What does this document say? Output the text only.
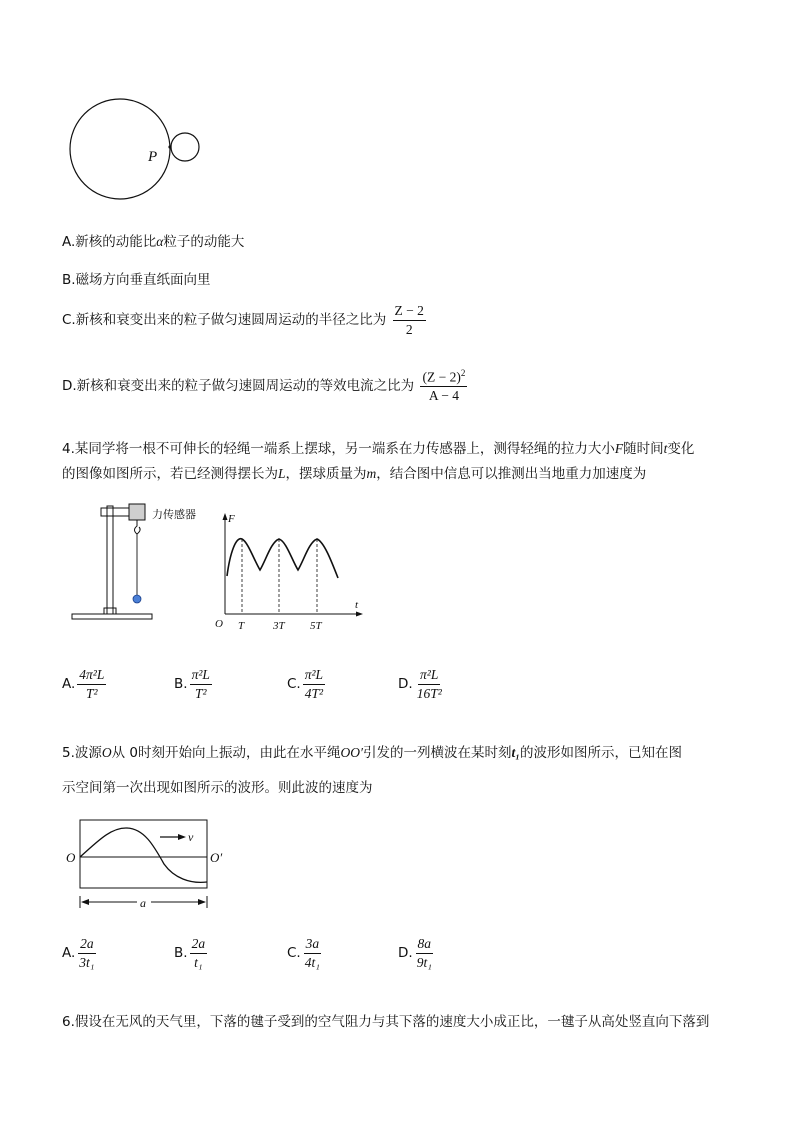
P
A.新核的动能比α粒子的动能大
B.磁场方向垂直纸面向里
C.新核和衰变出来的粒子做匀速圆周运动的半径之比为 $\frac{Z - 2}{2}$
D.新核和衰变出来的粒子做匀速圆周运动的等效电流之比为 $\frac{(Z - 2)^2}{A - 4}$
4.某同学将一根不可伸长的轻绳一端系上摆球，另一端系在力传感器上，测得轻绳的拉力大小F随时间t变化
的图像如图所示，若已经测得摆长为L，摆球质量为m，结合图中信息可以推测出当地重力加速度为
力传感器	F
t
O T	3T 5T
A. $\frac{\text{4π²L}}{\text{T²}}$	B. $\frac{\text{π²L}}{\text{T²}}$	C. $\frac{\text{π²L}}{\text{4T²}}$	D. $\frac{\text{π²L}}{\text{16T²}}$
5.波源O从 0时刻开始向上振动，由此在水平绳OO′引发的一列横波在某时刻t₁的波形如图所示，已知在图
示空间第一次出现如图所示的波形。则此波的速度为
v
O	O′
a
A. $\frac{2a}{\text{3t₁}}$	B. $\frac{2a}{\text{t₁}}$	C. $\frac{3a}{\text{4t₁}}$	D. $\frac{8a}{\text{9t₁}}$
6.假设在无风的天气里，下落的毽子受到的空气阻力与其下落的速度大小成正比，一毽子从高处竖直向下落到
